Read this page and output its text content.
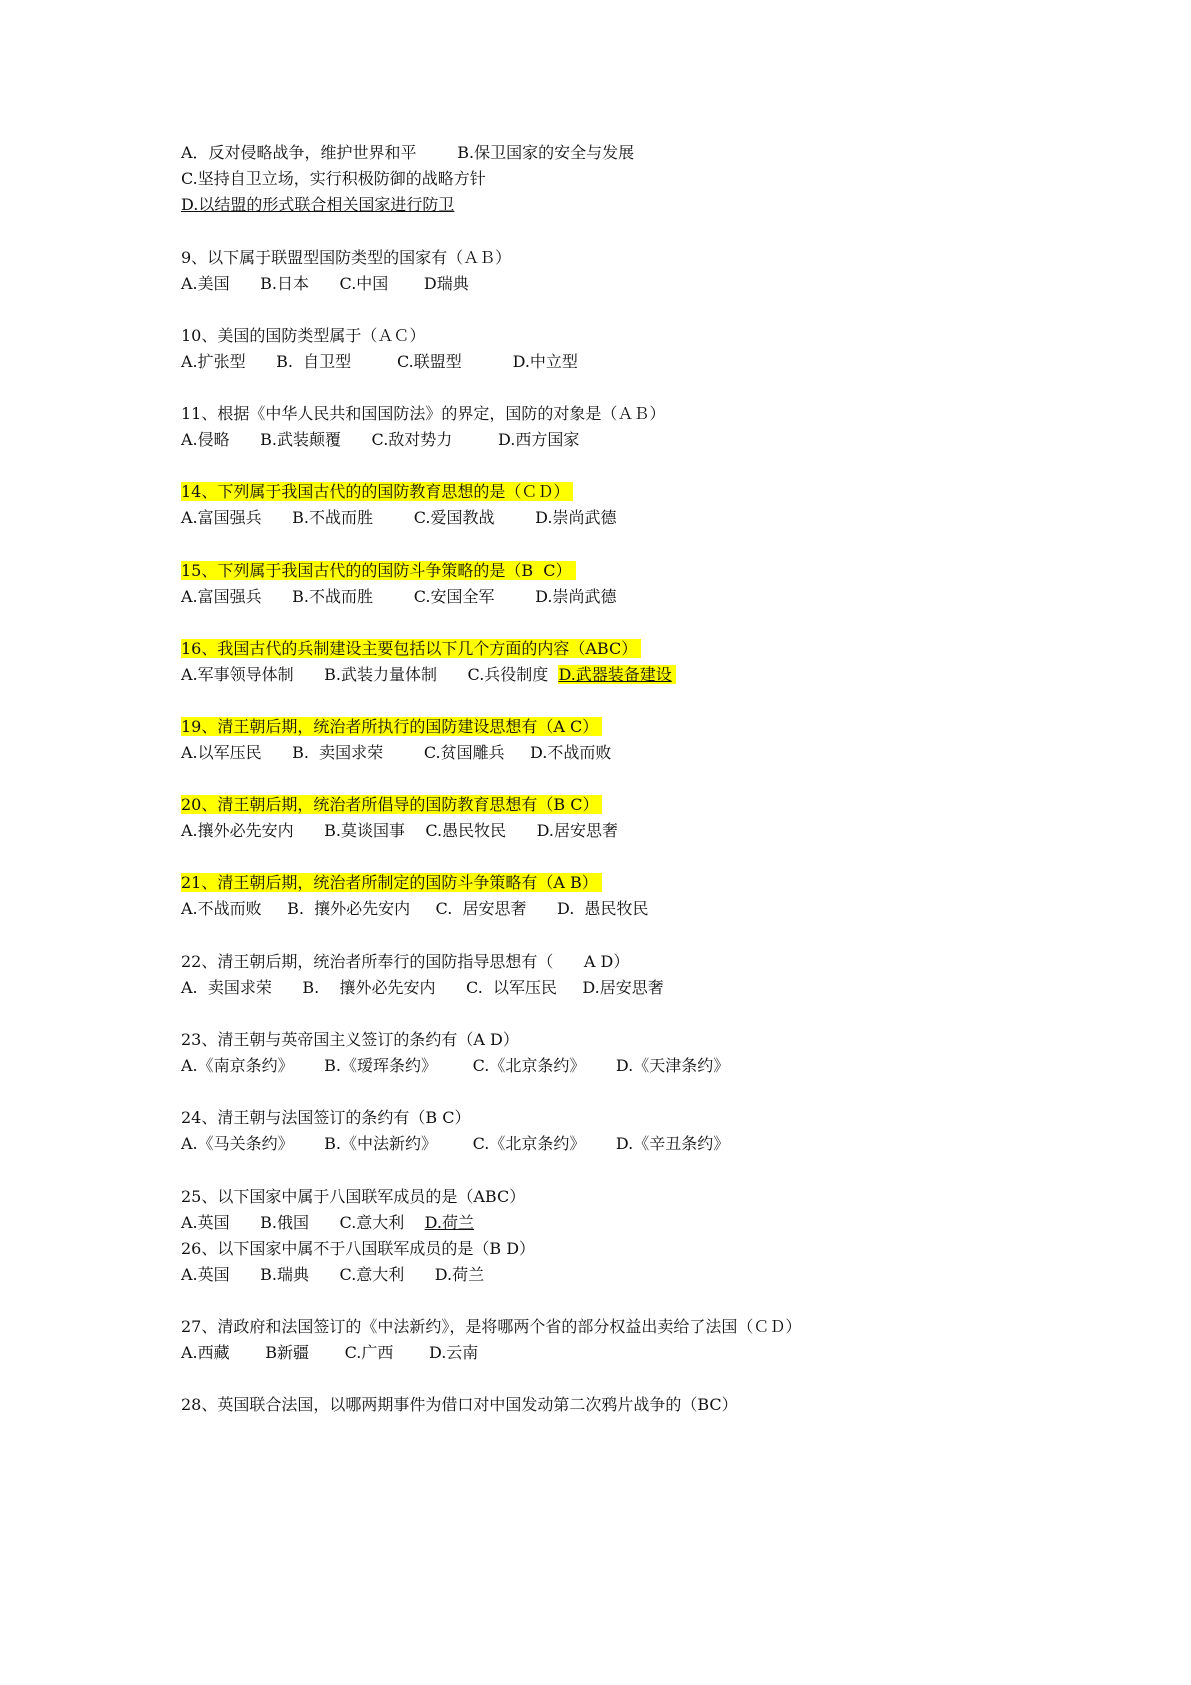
A．反对侵略战争，维护世界和平        B.保卫国家的安全与发展
C.坚持自卫立场，实行积极防御的战略方针
D.以结盟的形式联合相关国家进行防卫
9、以下属于联盟型国防类型的国家有（ＡＢ）
A.美国      B.日本      C.中国       D瑞典
10、美国的国防类型属于（ＡＣ）
A.扩张型      B.  自卫型         C.联盟型          D.中立型
11、根据《中华人民共和国国防法》的界定，国防的对象是（ＡＢ）
A.侵略      B.武装颠覆      C.敌对势力         D.西方国家
14、下列属于我国古代的的国防教育思想的是（ＣＤ）
A.富国强兵      B.不战而胜        C.爱国教战        D.崇尚武德
15、下列属于我国古代的的国防斗争策略的是（B  C）
A.富国强兵      B.不战而胜        C.安国全军        D.崇尚武德
16、我国古代的兵制建设主要包括以下几个方面的内容（ABC）
A.军事领导体制      B.武装力量体制      C.兵役制度  D.武器装备建设
19、清王朝后期，统治者所执行的国防建设思想有（A C）
A.以军压民      B.  卖国求荣        C.贫国雕兵     D.不战而败
20、清王朝后期，统治者所倡导的国防教育思想有（B C）
A.攘外必先安内      B.莫谈国事    C.愚民牧民      D.居安思奢
21、清王朝后期，统治者所制定的国防斗争策略有（A B）
A.不战而败     B.  攘外必先安内     C.  居安思奢      D.  愚民牧民
22、清王朝后期，统治者所奉行的国防指导思想有（      A D）
A.  卖国求荣      B.    攘外必先安内      C.  以军压民     D.居安思奢
23、清王朝与英帝国主义签订的条约有（A D）
A.《南京条约》      B.《瑷珲条约》       C.《北京条约》      D.《天津条约》
24、清王朝与法国签订的条约有（B C）
A.《马关条约》      B.《中法新约》       C.《北京条约》      D.《辛丑条约》
25、以下国家中属于八国联军成员的是（ABC）
A.英国      B.俄国      C.意大利    D.荷兰
26、以下国家中属不于八国联军成员的是（B D）
A.英国      B.瑞典      C.意大利      D.荷兰
27、清政府和法国签订的《中法新约》，是将哪两个省的部分权益出卖给了法国（ＣＤ）
A.西藏       B新疆       C.广西       D.云南
28、英国联合法国，以哪两期事件为借口对中国发动第二次鸦片战争的（BC）
